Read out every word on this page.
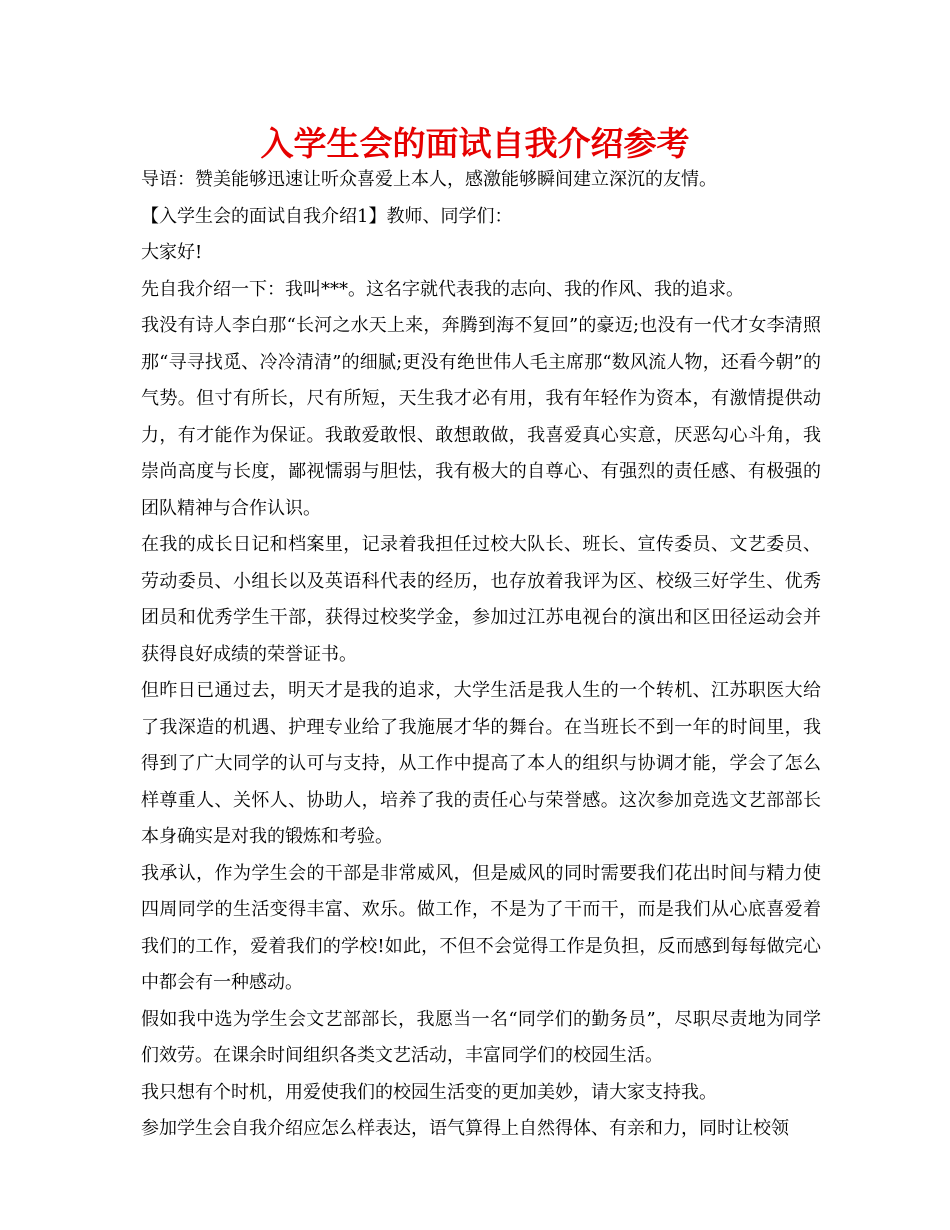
入学生会的面试自我介绍参考

导语：赞美能够迅速让听众喜爱上本人，感激能够瞬间建立深沉的友情。

【入学生会的面试自我介绍1】教师、同学们：

大家好!

先自我介绍一下：我叫***。这名字就代表我的志向、我的作风、我的追求。

我没有诗人李白那“长河之水天上来，奔腾到海不复回”的豪迈;也没有一代才女李清照那“寻寻找觅、冷冷清清”的细腻;更没有绝世伟人毛主席那“数风流人物，还看今朝”的气势。但寸有所长，尺有所短，天生我才必有用，我有年轻作为资本，有激情提供动力，有才能作为保证。我敢爱敢恨、敢想敢做，我喜爱真心实意，厌恶勾心斗角，我崇尚高度与长度，鄙视懦弱与胆怯，我有极大的自尊心、有强烈的责任感、有极强的团队精神与合作认识。

在我的成长日记和档案里，记录着我担任过校大队长、班长、宣传委员、文艺委员、劳动委员、小组长以及英语科代表的经历，也存放着我评为区、校级三好学生、优秀团员和优秀学生干部，获得过校奖学金，参加过江苏电视台的演出和区田径运动会并获得良好成绩的荣誉证书。

但昨日已通过去，明天才是我的追求，大学生活是我人生的一个转机、江苏职医大给了我深造的机遇、护理专业给了我施展才华的舞台。在当班长不到一年的时间里，我得到了广大同学的认可与支持，从工作中提高了本人的组织与协调才能，学会了怎么样尊重人、关怀人、协助人，培养了我的责任心与荣誉感。这次参加竞选文艺部部长本身确实是对我的锻炼和考验。

我承认，作为学生会的干部是非常威风，但是威风的同时需要我们花出时间与精力使四周同学的生活变得丰富、欢乐。做工作，不是为了干而干，而是我们从心底喜爱着我们的工作，爱着我们的学校!如此，不但不会觉得工作是负担，反而感到每每做完心中都会有一种感动。

假如我中选为学生会文艺部部长，我愿当一名“同学们的勤务员”，尽职尽责地为同学们效劳。在课余时间组织各类文艺活动，丰富同学们的校园生活。

我只想有个时机，用爱使我们的校园生活变的更加美妙，请大家支持我。

参加学生会自我介绍应怎么样表达，语气算得上自然得体、有亲和力，同时让校领
